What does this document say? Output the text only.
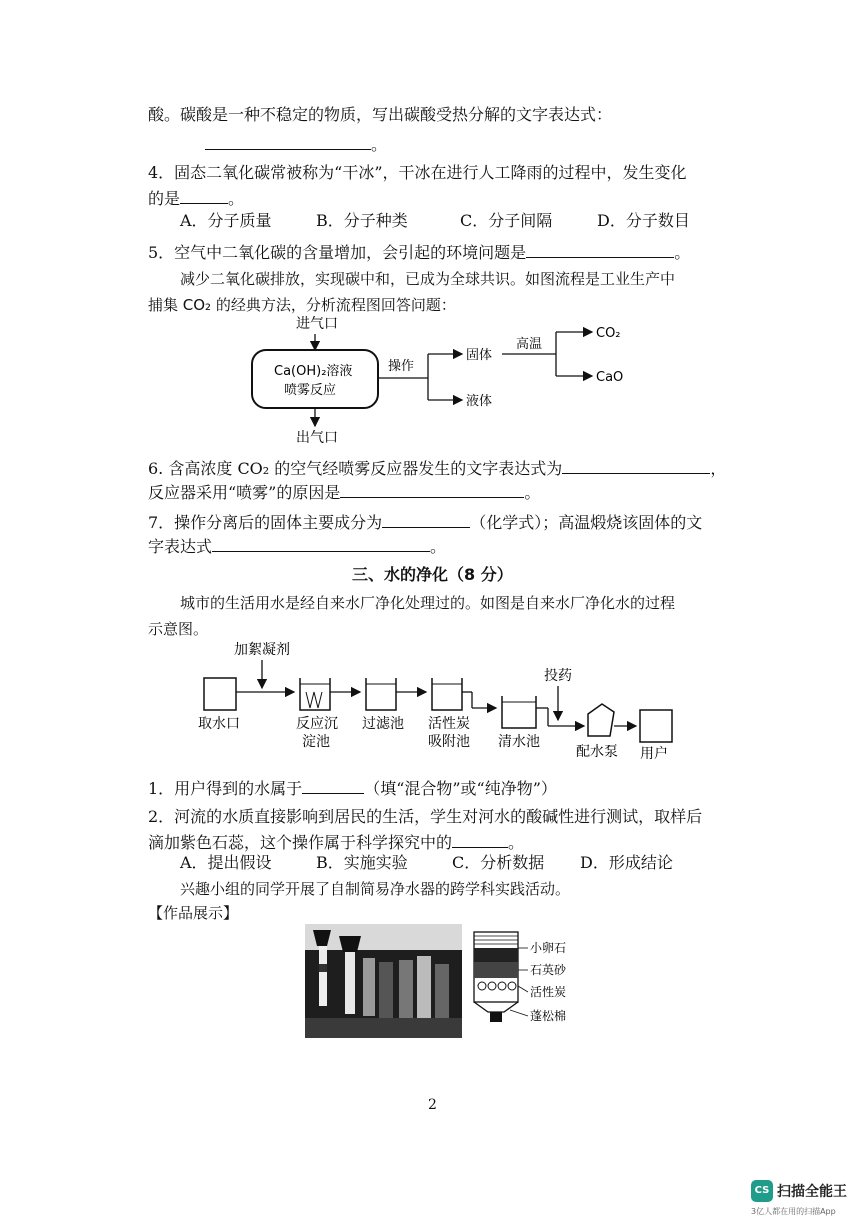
酸。碳酸是一种不稳定的物质，写出碳酸受热分解的文字表达式：
。
4．固态二氧化碳常被称为“干冰”，干冰在进行人工降雨的过程中，发生变化
的是	。
A．分子质量	B．分子种类	C．分子间隔	D．分子数目
5．空气中二氧化碳的含量增加，会引起的环境问题是	。
减少二氧化碳排放，实现碳中和，已成为全球共识。如图流程是工业生产中
捕集 CO₂ 的经典方法，分析流程图回答问题：
进气口
Ca(OH)₂溶液
喷雾反应
操作
固体
液体
高温
CO₂
CaO
出气口
6. 含高浓度 CO₂ 的空气经喷雾反应器发生的文字表达式为	，
反应器采用“喷雾”的原因是	。
7．操作分离后的固体主要成分为	（化学式）；高温煅烧该固体的文
字表达式	。
三、水的净化（8 分）
城市的生活用水是经自来水厂净化处理过的。如图是自来水厂净化水的过程
示意图。
加絮凝剂
取水口	反应沉
淀池
过滤池 活性炭
吸附池 清水池
投药
配水泵 用户
1．用户得到的水属于	（填“混合物”或“纯净物”）
2．河流的水质直接影响到居民的生活，学生对河水的酸碱性进行测试，取样后
滴加紫色石蕊，这个操作属于科学探究中的	。
A．提出假设	B．实施实验	C．分析数据 D．形成结论
兴趣小组的同学开展了自制简易净水器的跨学科实践活动。
【作品展示】
小卵石
石英砂
活性炭
蓬松棉
2
CS 扫描全能王
3亿人都在用的扫描App
